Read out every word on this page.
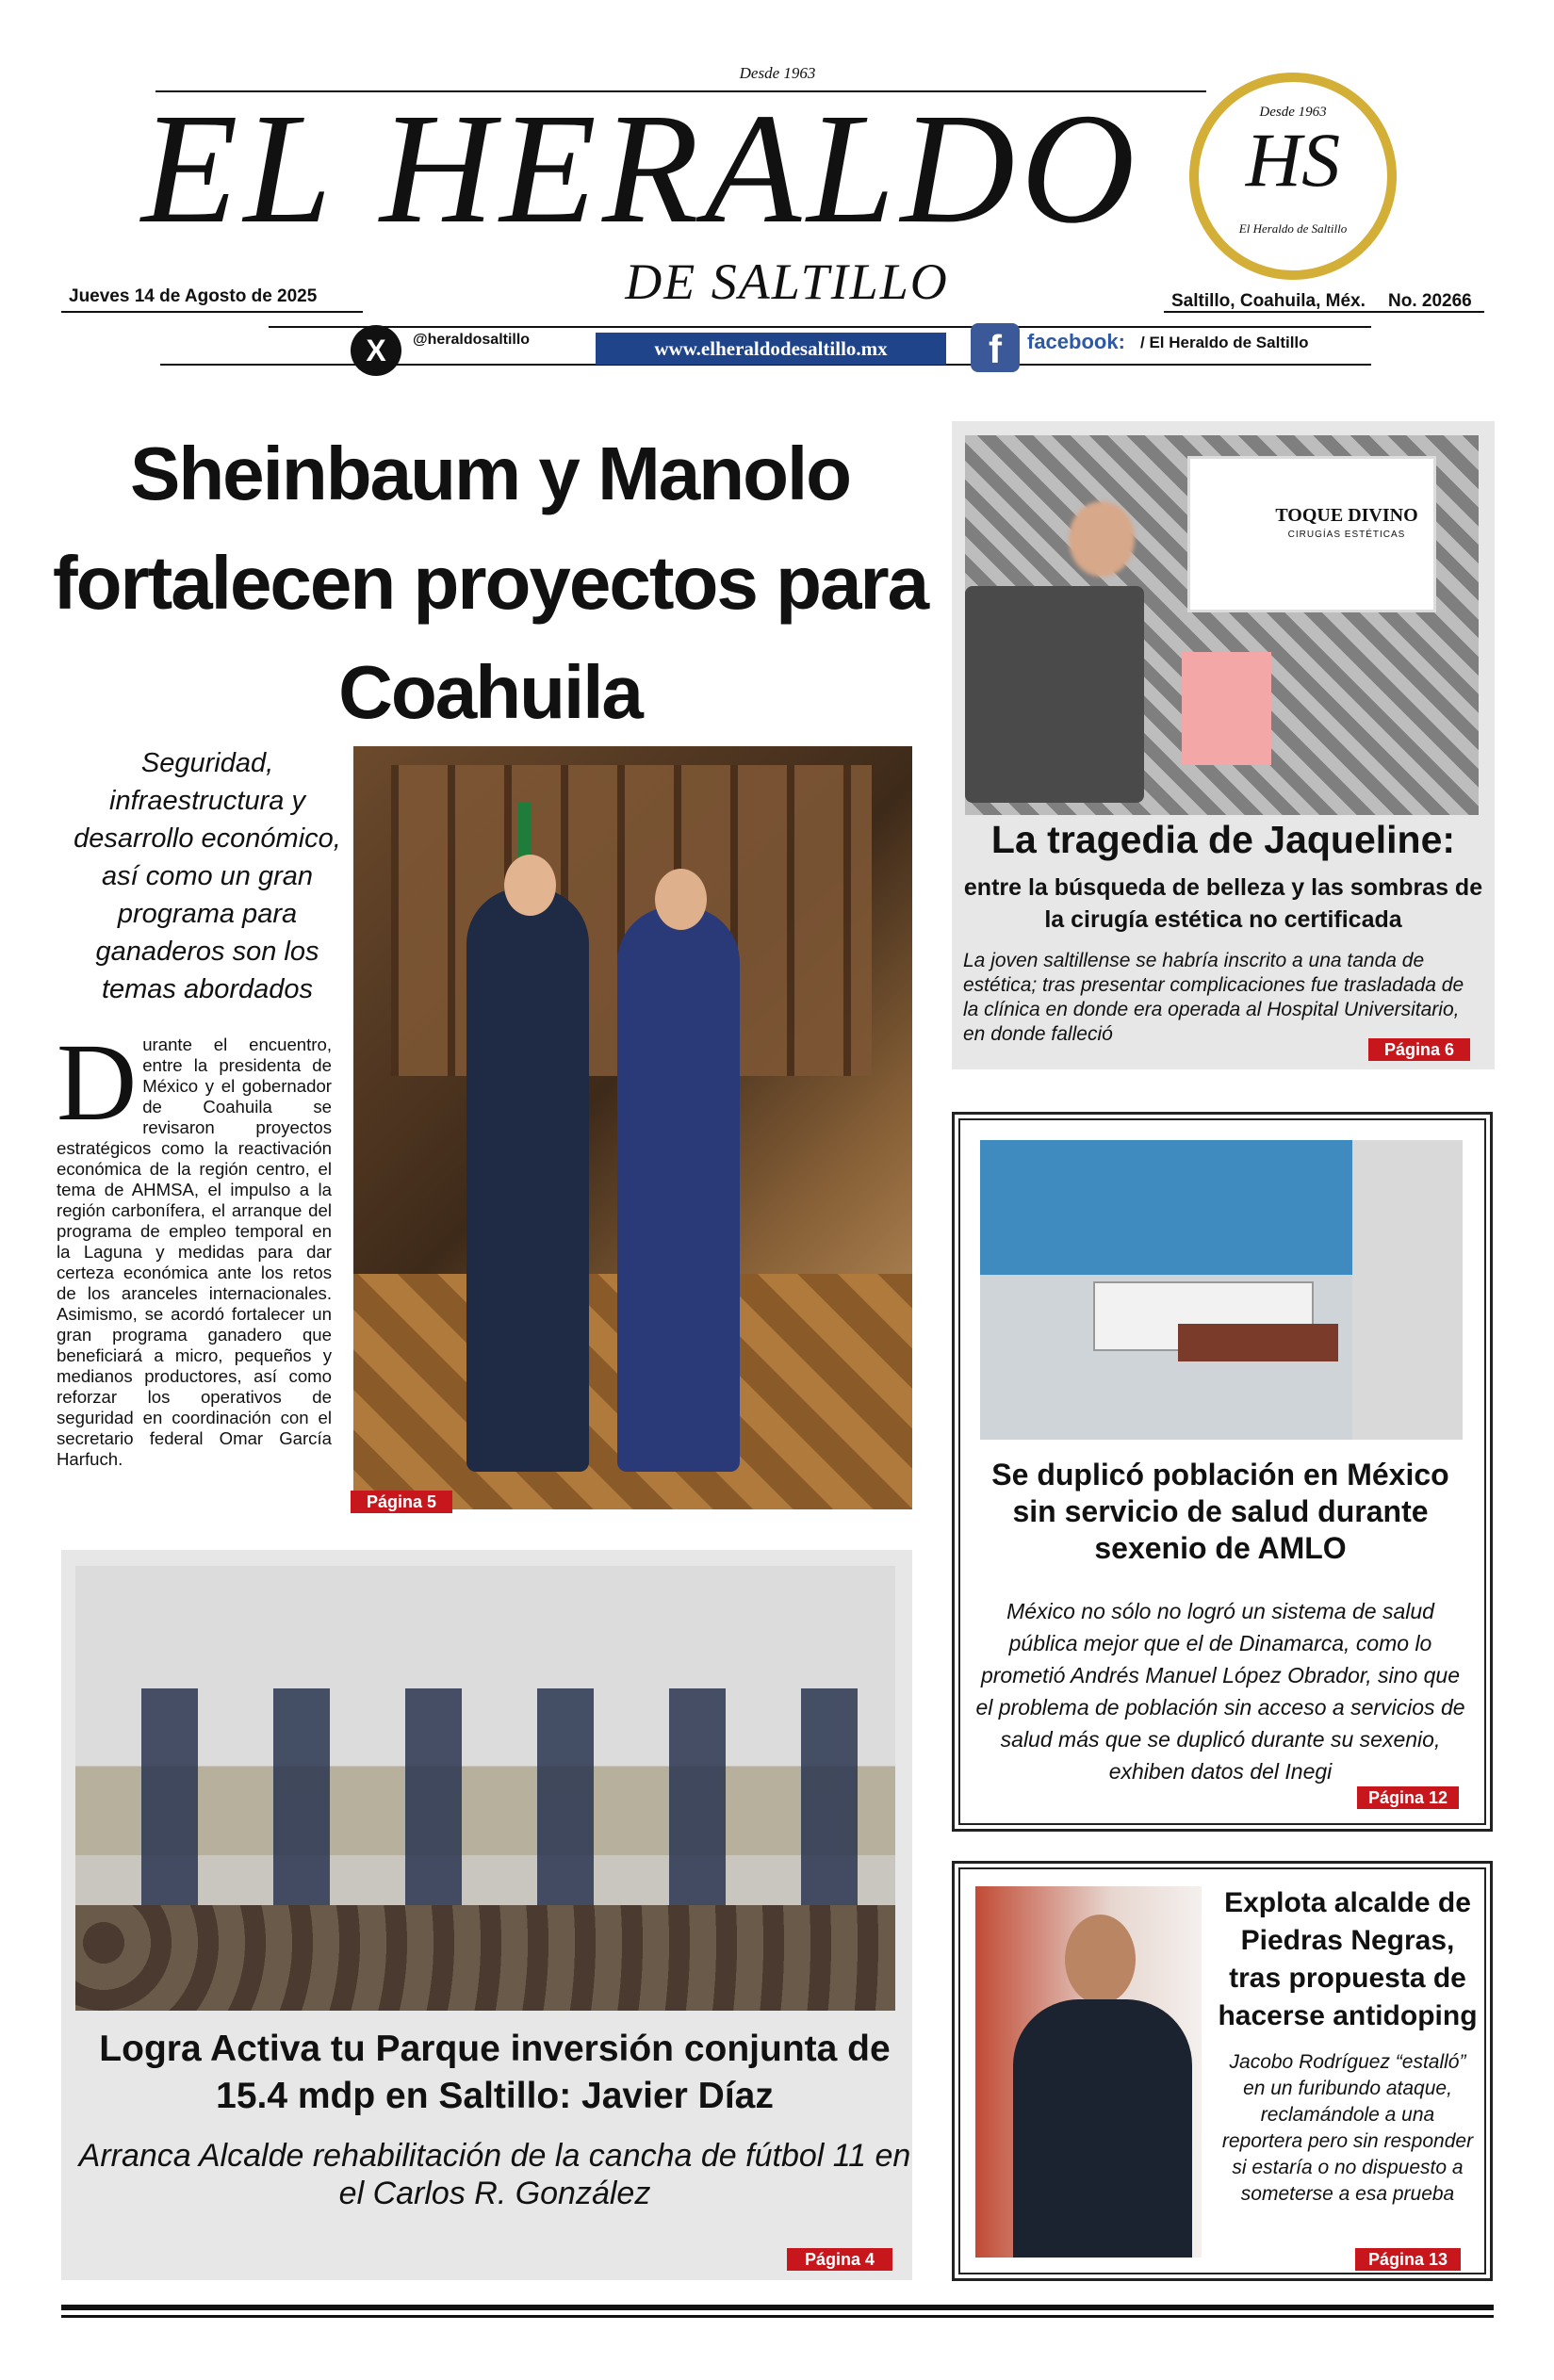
Desde 1963
EL HERALDO
DE SALTILLO
Jueves 14 de Agosto de 2025	Saltillo, Coahuila, Méx. No. 20266
Desde 1963
HS
El Heraldo de Saltillo
X	@heraldosaltillo	www.elheraldodesaltillo.mx	f	facebook: / El Heraldo de Saltillo
Sheinbaum y Manolo fortalecen proyectos para Coahuila
Seguridad, infraestructura y desarrollo económico, así como un gran programa para ganaderos son los temas abordados
Durante el encuentro, entre la presidenta de México y el gobernador de Coahuila se revisaron proyectos estratégicos como la reactivación económica de la región centro, el tema de AHMSA, el impulso a la región carbonífera, el arranque del programa de empleo temporal en la Laguna y medidas para dar certeza económica ante los retos de los aranceles internacionales. Asimismo, se acordó fortalecer un gran programa ganadero que beneficiará a micro, pequeños y medianos productores, así como reforzar los operativos de seguridad en coordinación con el secretario federal Omar García Harfuch.
Página 5
TOQUE DIVINO
CIRUGÍAS ESTÉTICAS
La tragedia de Jaqueline:
entre la búsqueda de belleza y las sombras de la cirugía estética no certificada
La joven saltillense se habría inscrito a una tanda de estética; tras presentar complicaciones fue trasladada de la clínica en donde era operada al Hospital Universitario, en donde falleció
Página 6
Se duplicó población en México sin servicio de salud durante sexenio de AMLO
México no sólo no logró un sistema de salud pública mejor que el de Dinamarca, como lo prometió Andrés Manuel López Obrador, sino que el problema de población sin acceso a servicios de salud más que se duplicó durante su sexenio, exhiben datos del Inegi
Página 12
Explota alcalde de Piedras Negras, tras propuesta de hacerse antidoping
Jacobo Rodríguez “estalló” en un furibundo ataque, reclamándole a una reportera pero sin responder si estaría o no dispuesto a someterse a esa prueba
Página 13
Logra Activa tu Parque inversión conjunta de 15.4 mdp en Saltillo: Javier Díaz
Arranca Alcalde rehabilitación de la cancha de fútbol 11 en el Carlos R. González
Página 4
